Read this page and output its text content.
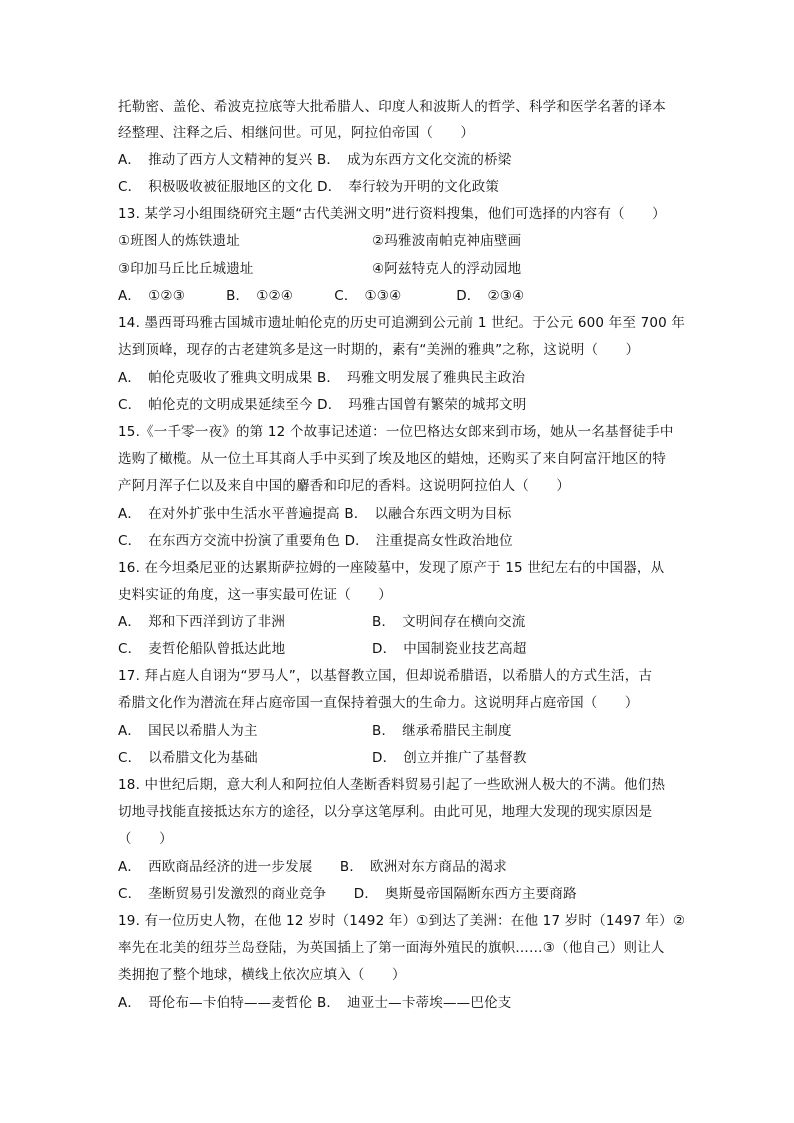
托勒密、盖伦、希波克拉底等大批希腊人、印度人和波斯人的哲学、科学和医学名著的译本
经整理、注释之后、相继问世。可见，阿拉伯帝国（　　）
A．　推动了西方人文精神的复兴 B．　成为东西方文化交流的桥梁
C．　积极吸收被征服地区的文化 D．　奉行较为开明的文化政策
13. 某学习小组围绕研究主题“古代美洲文明”进行资料搜集，他们可选择的内容有（　　）
①班图人的炼铁遗址	②玛雅波南帕克神庙壁画
③印加马丘比丘城遗址	④阿兹特克人的浮动园地
A．　①②③　　　B．　①②④　　　C．　①③④　　　　D．　②③④
14. 墨西哥玛雅古国城市遗址帕伦克的历史可追溯到公元前 1 世纪。于公元 600 年至 700 年
达到顶峰，现存的古老建筑多是这一时期的，素有“美洲的雅典”之称，这说明（　　）
A．　帕伦克吸收了雅典文明成果 B．　玛雅文明发展了雅典民主政治
C．　帕伦克的文明成果延续至今 D．　玛雅古国曾有繁荣的城邦文明
15.《一千零一夜》的第 12 个故事记述道：一位巴格达女郎来到市场，她从一名基督徒手中
选购了橄榄。从一位土耳其商人手中买到了埃及地区的蜡烛，还购买了来自阿富汗地区的特
产阿月浑子仁以及来自中国的麝香和印尼的香料。这说明阿拉伯人（　　）
A．　在对外扩张中生活水平普遍提高 B．　以融合东西文明为目标
C．　在东西方交流中扮演了重要角色 D．　注重提高女性政治地位
16. 在今坦桑尼亚的达累斯萨拉姆的一座陵墓中，发现了原产于 15 世纪左右的中国器，从
史料实证的角度，这一事实最可佐证（　　）
A．　郑和下西洋到访了非洲	B．　文明间存在横向交流
C．　麦哲伦船队曾抵达此地	D．　中国制瓷业技艺高超
17. 拜占庭人自诩为“罗马人”，以基督教立国，但却说希腊语，以希腊人的方式生活，古
希腊文化作为潜流在拜占庭帝国一直保持着强大的生命力。这说明拜占庭帝国（　　）
A．　国民以希腊人为主	B．　继承希腊民主制度
C．　以希腊文化为基础	D．　创立并推广了基督教
18. 中世纪后期，意大利人和阿拉伯人垄断香料贸易引起了一些欧洲人极大的不满。他们热
切地寻找能直接抵达东方的途径，以分享这笔厚利。由此可见，地理大发现的现实原因是
（　　）
A．　西欧商品经济的进一步发展　　B．　欧洲对东方商品的渴求
C．　垄断贸易引发激烈的商业竞争　　D．　奥斯曼帝国隔断东西方主要商路
19. 有一位历史人物，在他 12 岁时（1492 年）①到达了美洲：在他 17 岁时（1497 年）②
率先在北美的纽芬兰岛登陆，为英国插上了第一面海外殖民的旗帜……③（他自己）则让人
类拥抱了整个地球，横线上依次应填入（　　）
A．　哥伦布—卡伯特——麦哲伦 B．　迪亚士—卡蒂埃——巴伦支
